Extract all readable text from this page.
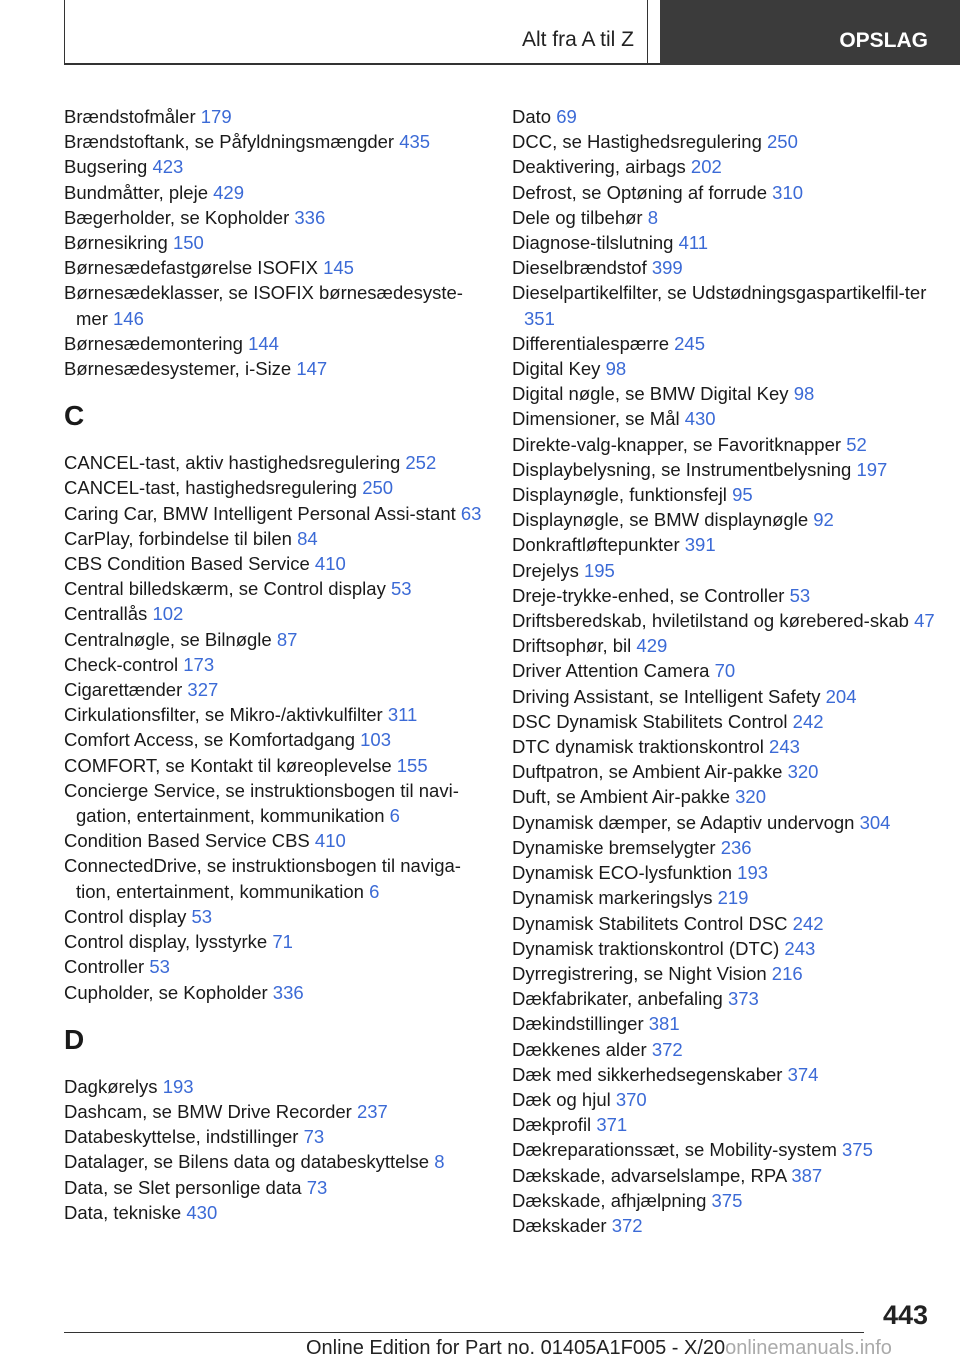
Alt fra A til Z	OPSLAG
Brændstofmåler 179
Brændstoftank, se Påfyldningsmængder 435
Bugsering 423
Bundmåtter, pleje 429
Bægerholder, se Kopholder 336
Børnesikring 150
Børnesædefastgørelse ISOFIX 145
Børnesædeklasser, se ISOFIX børnesædesyste‐mer 146
Børnesædemontering 144
Børnesædesystemer, i-Size 147
C
CANCEL-tast, aktiv hastighedsregulering 252
CANCEL-tast, hastighedsregulering 250
Caring Car, BMW Intelligent Personal Assi‐stant 63
CarPlay, forbindelse til bilen 84
CBS Condition Based Service 410
Central billedskærm, se Control display 53
Centrallås 102
Centralnøgle, se Bilnøgle 87
Check-control 173
Cigarettænder 327
Cirkulationsfilter, se Mikro-/aktivkulfilter 311
Comfort Access, se Komfortadgang 103
COMFORT, se Kontakt til køreoplevelse 155
Concierge Service, se instruktionsbogen til navi‐gation, entertainment, kommunikation 6
Condition Based Service CBS 410
ConnectedDrive, se instruktionsbogen til naviga‐tion, entertainment, kommunikation 6
Control display 53
Control display, lysstyrke 71
Controller 53
Cupholder, se Kopholder 336
D
Dagkørelys 193
Dashcam, se BMW Drive Recorder 237
Databeskyttelse, indstillinger 73
Datalager, se Bilens data og databeskyttelse 8
Data, se Slet personlige data 73
Data, tekniske 430
Dato 69
DCC, se Hastighedsregulering 250
Deaktivering, airbags 202
Defrost, se Optøning af forrude 310
Dele og tilbehør 8
Diagnose-tilslutning 411
Dieselbrændstof 399
Dieselpartikelfilter, se Udstødningsgaspartikelfil‐ter 351
Differentialespærre 245
Digital Key 98
Digital nøgle, se BMW Digital Key 98
Dimensioner, se Mål 430
Direkte-valg-knapper, se Favoritknapper 52
Displaybelysning, se Instrumentbelysning 197
Displaynøgle, funktionsfejl 95
Displaynøgle, se BMW displaynøgle 92
Donkraftløftepunkter 391
Drejelys 195
Dreje-trykke-enhed, se Controller 53
Driftsberedskab, hviletilstand og kørebered‐skab 47
Driftsophør, bil 429
Driver Attention Camera 70
Driving Assistant, se Intelligent Safety 204
DSC Dynamisk Stabilitets Control 242
DTC dynamisk traktionskontrol 243
Duftpatron, se Ambient Air-pakke 320
Duft, se Ambient Air-pakke 320
Dynamisk dæmper, se Adaptiv undervogn 304
Dynamiske bremselygter 236
Dynamisk ECO-lysfunktion 193
Dynamisk markeringslys 219
Dynamisk Stabilitets Control DSC 242
Dynamisk traktionskontrol (DTC) 243
Dyrregistrering, se Night Vision 216
Dækfabrikater, anbefaling 373
Dækindstillinger 381
Dækkenes alder 372
Dæk med sikkerhedsegenskaber 374
Dæk og hjul 370
Dækprofil 371
Dækreparationssæt, se Mobility-system 375
Dækskade, advarselslampe, RPA 387
Dækskade, afhjælpning 375
Dækskader 372
443
Online Edition for Part no. 01405A1F005 - X/20onlinemanuals.info
